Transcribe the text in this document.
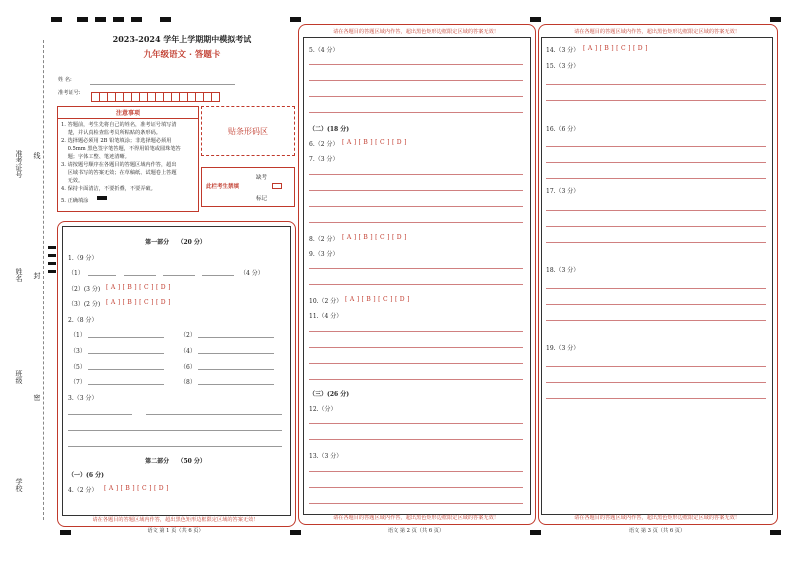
准考证号 线
姓名 封
班级
密
学校
2023-2024 学年上学期期中模拟考试
九年级语文 · 答题卡
姓 名:
准考证号:
注意事项
1. 答题前，考生先将自己的姓名，准考证号填写清
楚，并认真检查监考员所粘贴的条形码。
2. 选择题必须用 2B 铅笔填涂；非选择题必须用
0.5mm 黑色签字笔答题，不得用铅笔或圆珠笔答
题；字体工整、笔迹清晰。
3. 请按题号顺序在各题目的答题区域内作答，超出
区域书写的答案无效；在草稿纸、试题卷上答题
无效。
4. 保持卡面清洁，不要折叠，不要弄破。
5. 正确填涂
贴条形码区
此栏考生禁填
缺考
标记
第一部分 （20 分）
1.（9 分）
（1）	（4 分）
（2）(3 分) [ A ] [ B ] [ C ] [ D ]
（3）(2 分) [ A ] [ B ] [ C ] [ D ]
2.（8 分）
（1）	（2）
（3）	（4）
（5）	（6）
（7）	（8）
3.（3 分）
第二部分 （50 分）
（一）(6 分)
4.（2 分） [ A ] [ B ] [ C ] [ D ]
请在各题目的答题区域内作答，超出黑色矩形边框限定区域的答案无效！
语文 第 1 页（共 6 页）
请在各题目的答题区域内作答，超出黑色矩形边框限定区域的答案无效！
5.（4 分）
（二）(18 分)
6.（2 分） [ A ] [ B ] [ C ] [ D ]
7.（3 分）
8.（2 分） [ A ] [ B ] [ C ] [ D ]
9.（3 分）
10.（2 分） [ A ] [ B ] [ C ] [ D ]
11.（4 分）
（三）(26 分)
12.（分）
13.（3 分）
请在各题目的答题区域内作答，超出黑色矩形边框限定区域的答案无效！
语文 第 2 页（共 6 页）
请在各题目的答题区域内作答，超出黑色矩形边框限定区域的答案无效！
14.（3 分） [ A ] [ B ] [ C ] [ D ]
15.（3 分）
16.（6 分）
17.（3 分）
18.（3 分）
19.（3 分）
请在各题目的答题区域内作答，超出黑色矩形边框限定区域的答案无效！
语文 第 3 页（共 6 页）
